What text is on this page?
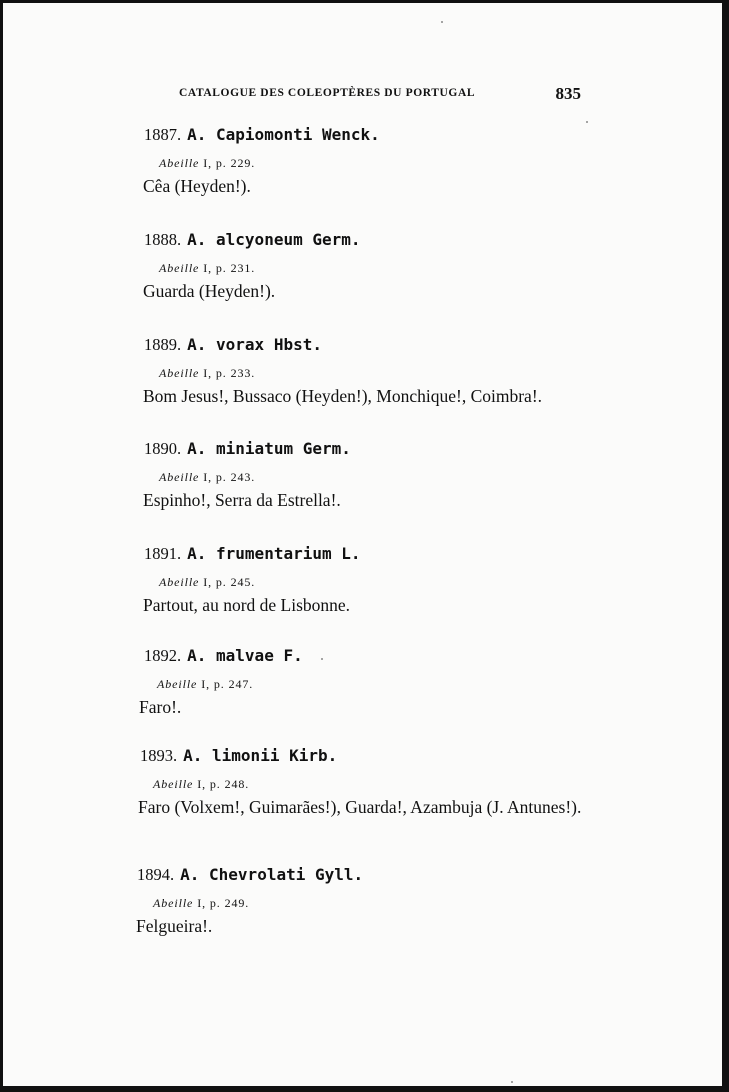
CATALOGUE DES COLEOPTÈRES DU PORTUGAL	835
1887. A. Capiomonti Wenck.
Abeille I, p. 229.
Cêa (Heyden!).
1888. A. alcyoneum Germ.
Abeille I, p. 231.
Guarda (Heyden!).
1889. A. vorax Hbst.
Abeille I, p. 233.
Bom Jesus!, Bussaco (Heyden!), Monchique!, Coimbra!.
1890. A. miniatum Germ.
Abeille I, p. 243.
Espinho!, Serra da Estrella!.
1891. A. frumentarium L.
Abeille I, p. 245.
Partout, au nord de Lisbonne.
1892. A. malvae F.
Abeille I, p. 247.
Faro!.
1893. A. limonii Kirb.
Abeille I, p. 248.
Faro (Volxem!, Guimarães!), Guarda!, Azambuja (J. Antunes!).
1894. A. Chevrolati Gyll.
Abeille I, p. 249.
Felgueira!.
